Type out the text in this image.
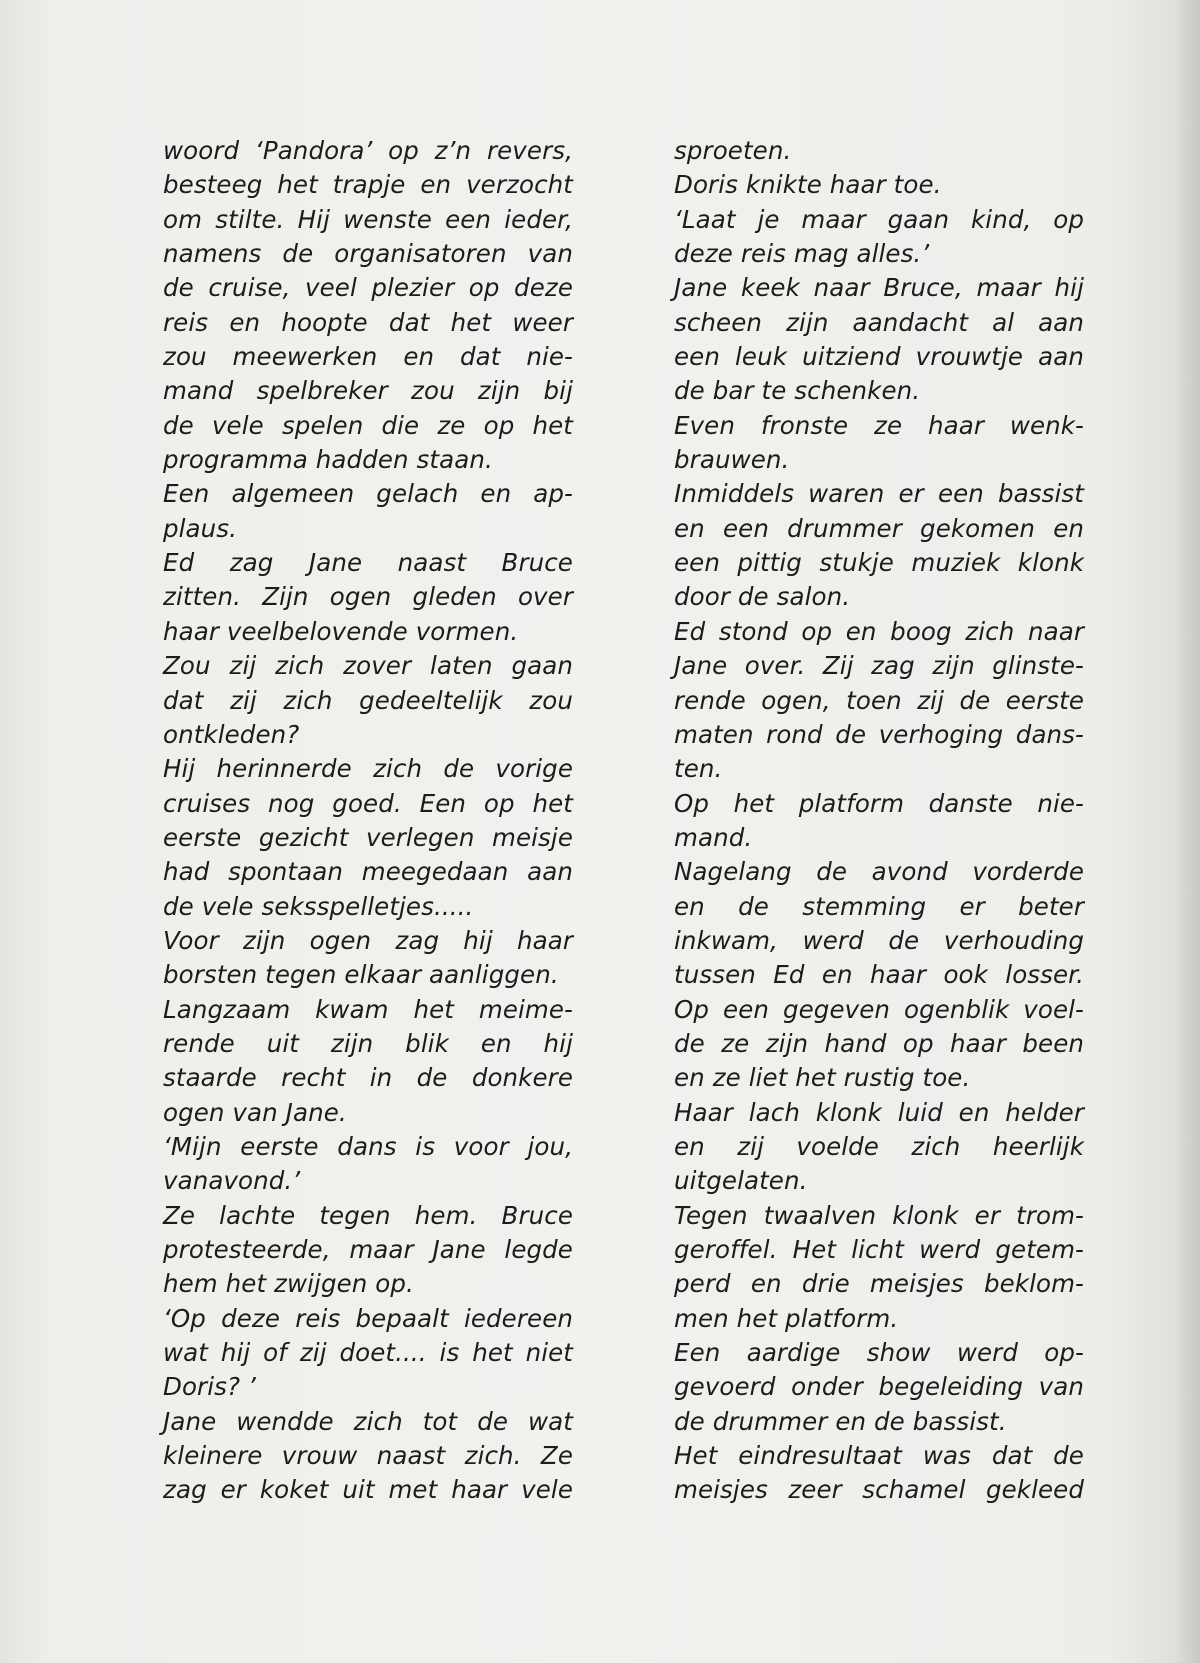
woord ‘Pandora’ op z’n revers,
besteeg het trapje en verzocht
om stilte. Hij wenste een ieder,
namens de organisatoren van
de cruise, veel plezier op deze
reis en hoopte dat het weer
zou meewerken en dat nie-
mand spelbreker zou zijn bij
de vele spelen die ze op het
programma hadden staan.
Een algemeen gelach en ap-
plaus.
Ed zag Jane naast Bruce
zitten. Zijn ogen gleden over
haar veelbelovende vormen.
Zou zij zich zover laten gaan
dat zij zich gedeeltelijk zou
ontkleden?
Hij herinnerde zich de vorige
cruises nog goed. Een op het
eerste gezicht verlegen meisje
had spontaan meegedaan aan
de vele seksspelletjes.....
Voor zijn ogen zag hij haar
borsten tegen elkaar aanliggen.
Langzaam kwam het meime-
rende uit zijn blik en hij
staarde recht in de donkere
ogen van Jane.
‘Mijn eerste dans is voor jou,
vanavond.’
Ze lachte tegen hem. Bruce
protesteerde, maar Jane legde
hem het zwijgen op.
‘Op deze reis bepaalt iedereen
wat hij of zij doet.... is het niet
Doris? ’
Jane wendde zich tot de wat
kleinere vrouw naast zich. Ze
zag er koket uit met haar vele
sproeten.
Doris knikte haar toe.
‘Laat je maar gaan kind, op
deze reis mag alles.’
Jane keek naar Bruce, maar hij
scheen zijn aandacht al aan
een leuk uitziend vrouwtje aan
de bar te schenken.
Even fronste ze haar wenk-
brauwen.
Inmiddels waren er een bassist
en een drummer gekomen en
een pittig stukje muziek klonk
door de salon.
Ed stond op en boog zich naar
Jane over. Zij zag zijn glinste-
rende ogen, toen zij de eerste
maten rond de verhoging dans-
ten.
Op het platform danste nie-
mand.
Nagelang de avond vorderde
en de stemming er beter
inkwam, werd de verhouding
tussen Ed en haar ook losser.
Op een gegeven ogenblik voel-
de ze zijn hand op haar been
en ze liet het rustig toe.
Haar lach klonk luid en helder
en zij voelde zich heerlijk
uitgelaten.
Tegen twaalven klonk er trom-
geroffel. Het licht werd getem-
perd en drie meisjes beklom-
men het platform.
Een aardige show werd op-
gevoerd onder begeleiding van
de drummer en de bassist.
Het eindresultaat was dat de
meisjes zeer schamel gekleed
